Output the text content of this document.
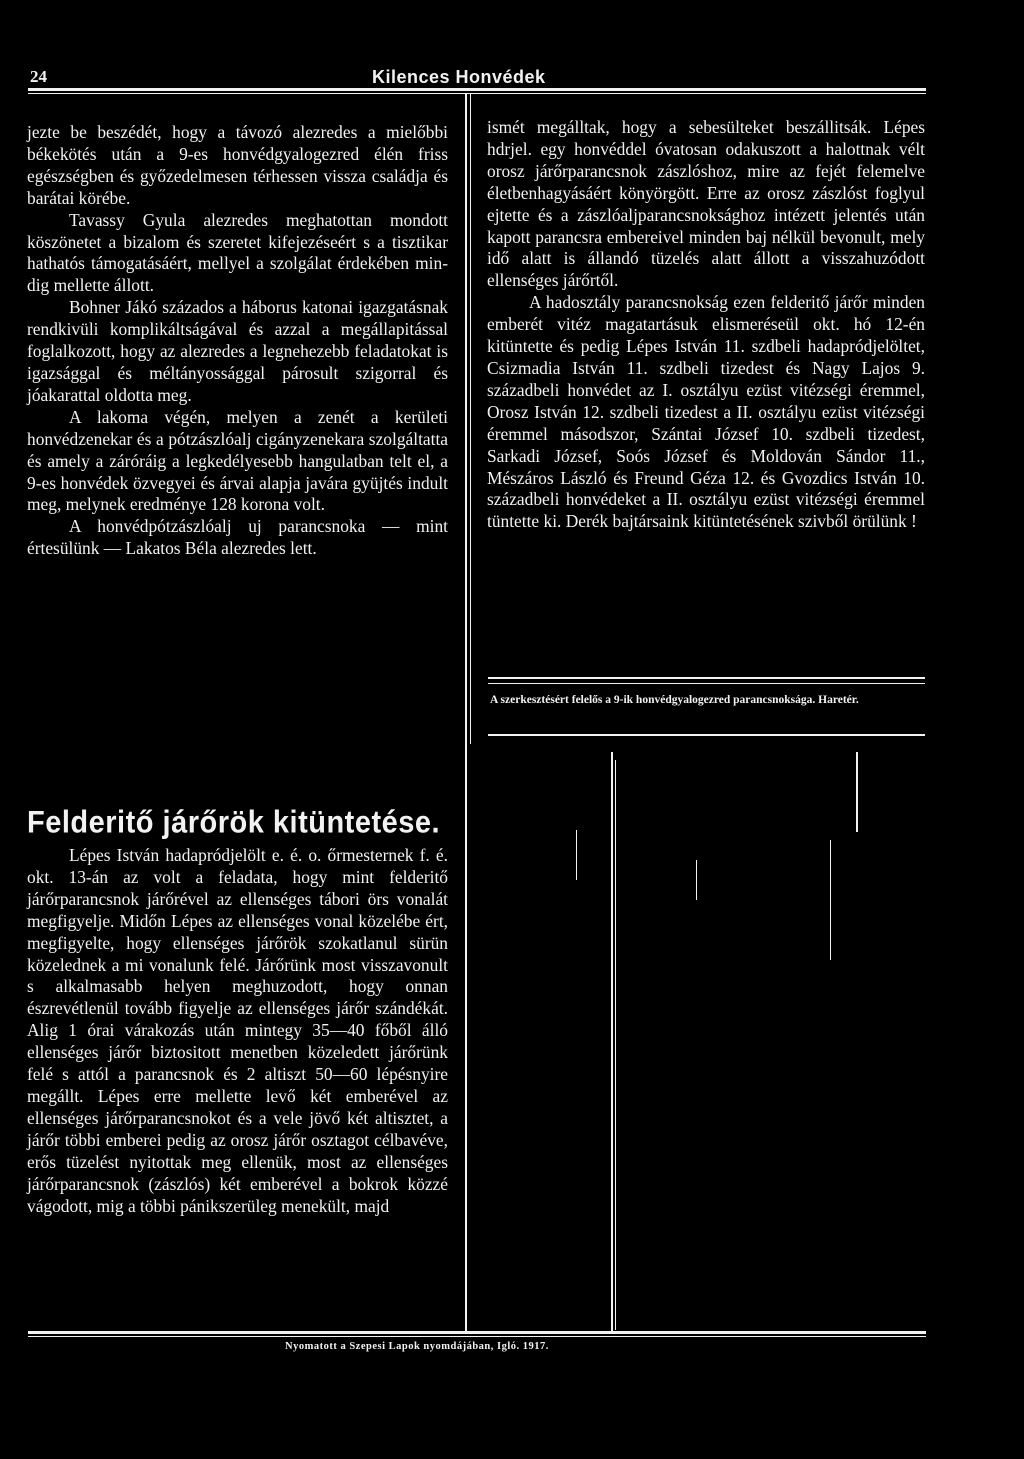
24	Kilences Honvédek

jezte be beszédét, hogy a távozó alezredes a mielőbbi békekötés után a 9-es honvédgyalogezred élén friss egészségben és győzedelmesen térhessen vissza családja és barátai körébe.

Tavassy Gyula alezredes meghatottan mondott köszönetet a bizalom és szeretet kifejezéseért s a tisztikar hathatós támogatásáért, mellyel a szolgálat érdekében mindig mellette állott.

Bohner Jákó százados a háborus katonai igazgatásnak rendkivüli komplikáltságával és azzal a megállapitással foglalkozott, hogy az alezredes a legnehezebb feladatokat is igazsággal és méltányossággal párosult szigorral és jóakarattal oldotta meg.

A lakoma végén, melyen a zenét a kerületi honvédzenekar és a pótzászlóalj cigányzenekara szolgáltatta és amely a záróráig a legkedélyesebb hangulatban telt el, a 9-es honvédek özvegyei és árvai alapja javára gyüjtés indult meg, melynek eredménye 128 korona volt.

A honvédpótzászlóalj uj parancsnoka — mint értesülünk — Lakatos Béla alezredes lett.

Felderitő járőrök kitüntetése.

Lépes István hadapródjelölt e. é. o. őrmesternek f. é. okt. 13-án az volt a feladata, hogy mint felderitő járőrparancsnok járőrével az ellenséges tábori örs vonalát megfigyelje. Midőn Lépes az ellenséges vonal közelébe ért, megfigyelte, hogy ellenséges járőrök szokatlanul sürün közelednek a mi vonalunk felé. Járőrünk most visszavonult s alkalmasabb helyen meghuzodott, hogy onnan észrevétlenül tovább figyelje az ellenséges járőr szándékát. Alig 1 órai várakozás után mintegy 35—40 főből álló ellenséges járőr biztositott menetben közeledett járőrünk felé s attól a parancsnok és 2 altiszt 50—60 lépésnyire megállt. Lépes erre mellette levő két emberével az ellenséges járőrparancsnokot és a vele jövő két altisztet, a járőr többi emberei pedig az orosz járőr osztagot célbavéve, erős tüzelést nyitottak meg ellenük, most az ellenséges járőrparancsnok (zászlós) két emberével a bokrok közzé vágodott, mig a többi pánikszerüleg menekült, majd

ismét megálltak, hogy a sebesülteket beszállitsák. Lépes hdrjel. egy honvéddel óvatosan odakuszott a halottnak vélt orosz járőrparancsnok zászlóshoz, mire az fejét felemelve életbenhagyásáért könyörgött. Erre az orosz zászlóst foglyul ejtette és a zászlóaljparancsnoksághoz intézett jelentés után kapott parancsra embereivel minden baj nélkül bevonult, mely idő alatt is állandó tüzelés alatt állott a visszahuzódott ellenséges járőrtől.

A hadosztály parancsnokság ezen felderitő járőr minden emberét vitéz magatartásuk elismeréseül okt. hó 12-én kitüntette és pedig Lépes István 11. szdbeli hadapródjelöltet, Csizmadia István 11. szdbeli tizedest és Nagy Lajos 9. századbeli honvédet az I. osztályu ezüst vitézségi éremmel, Orosz István 12. szdbeli tizedest a II. osztályu ezüst vitézségi éremmel másodszor, Szántai József 10. szdbeli tizedest, Sarkadi József, Soós József és Moldován Sándor 11., Mészáros László és Freund Géza 12. és Gvozdics István 10. századbeli honvédeket a II. osztályu ezüst vitézségi éremmel tüntette ki. Derék bajtársaink kitüntetésének szivből örülünk !

A szerkesztésért felelős a 9-ik honvédgyalogezred parancsnoksága. Haretér.
Nyomatott a Szepesi Lapok nyomdájában, Igló. 1917.
